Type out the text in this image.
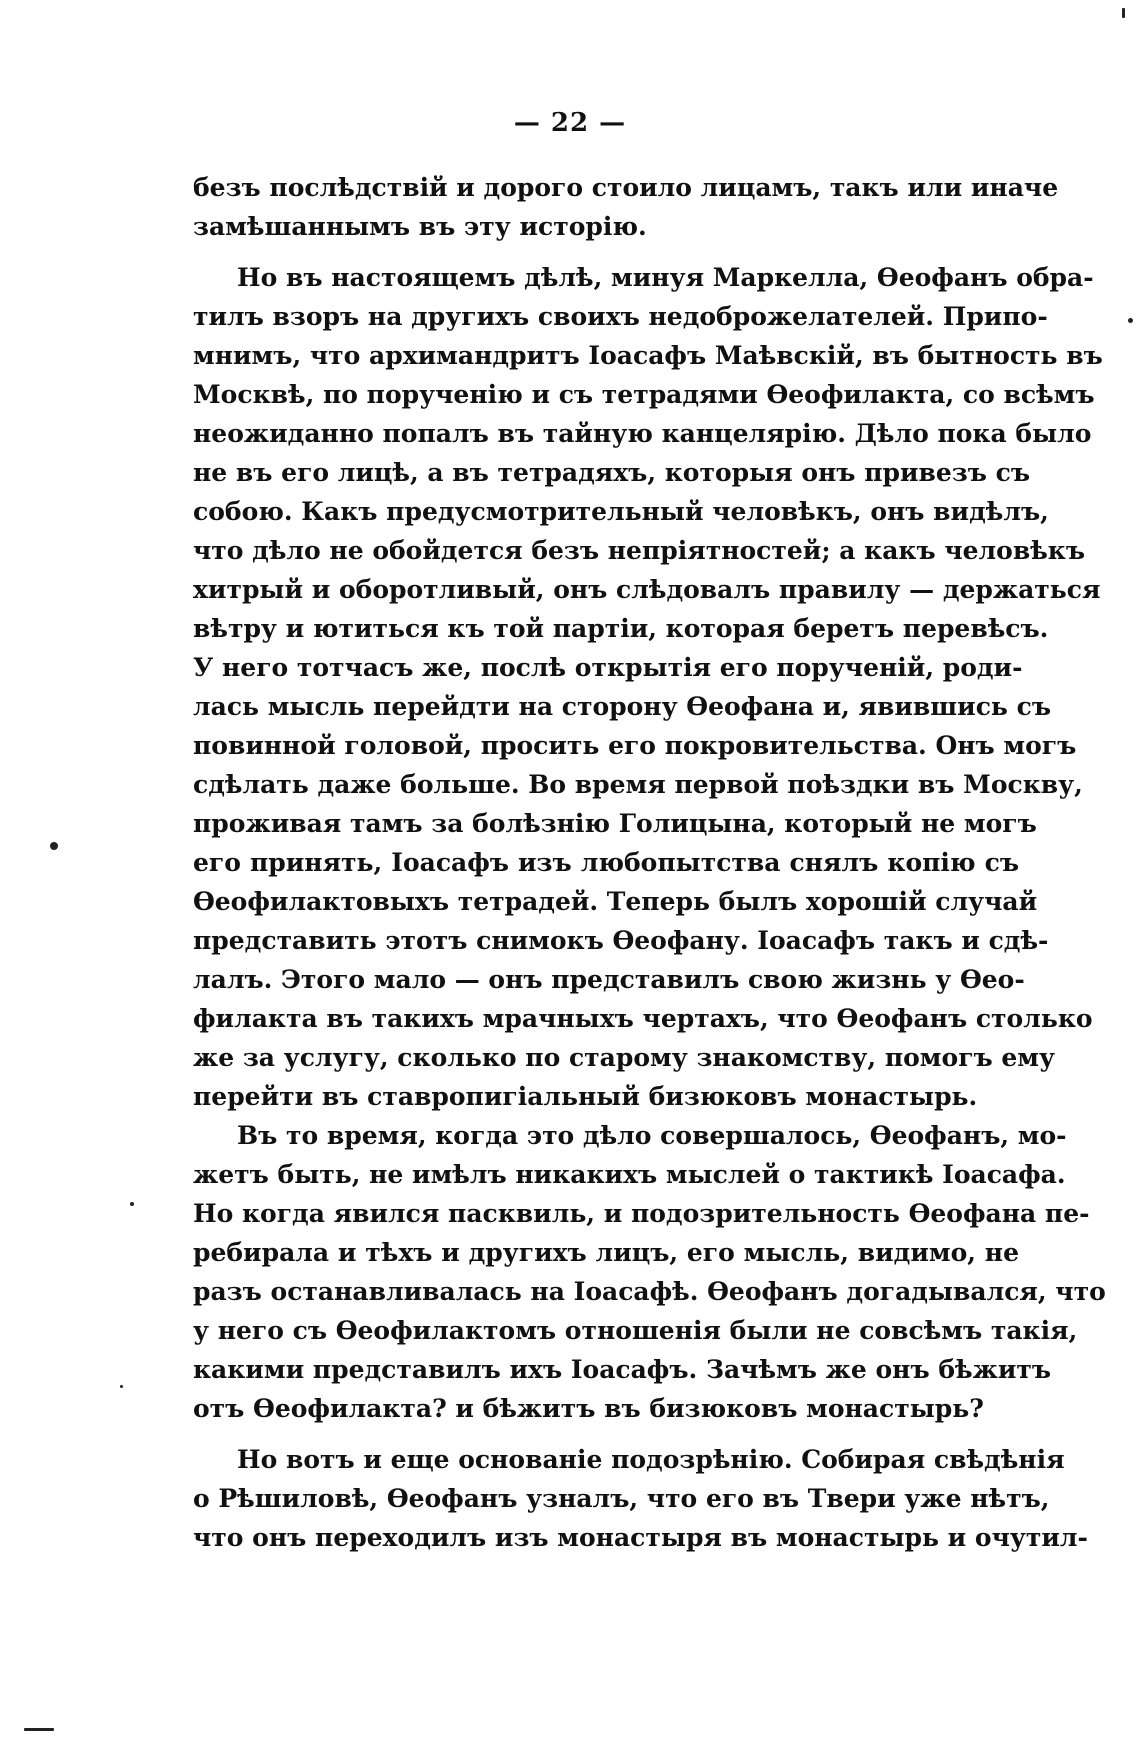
— 22 —
безъ послѣдствій и дорого стоило лицамъ, такъ или иначе
замѣшаннымъ въ эту исторію.
Но въ настоящемъ дѣлѣ, минуя Маркелла, Өеофанъ обра-
тилъ взоръ на другихъ своихъ недоброжелателей. Припо-
мнимъ, что архимандритъ Іоасафъ Маѣвскій, въ бытность въ
Москвѣ, по порученію и съ тетрадями Өеофилакта, со всѣмъ
неожиданно попалъ въ тайную канцелярію. Дѣло пока было
не въ его лицѣ, а въ тетрадяхъ, которыя онъ привезъ съ
собою. Какъ предусмотрительный человѣкъ, онъ видѣлъ,
что дѣло не обойдется безъ непріятностей; а какъ человѣкъ
хитрый и оборотливый, онъ слѣдовалъ правилу — держаться
вѣтру и ютиться къ той партіи, которая беретъ перевѣсъ.
У него тотчасъ же, послѣ открытія его порученій, роди-
лась мысль перейдти на сторону Өеофана и, явившись съ
повинной головой, просить его покровительства. Онъ могъ
сдѣлать даже больше. Во время первой поѣздки въ Москву,
проживая тамъ за болѣзнію Голицына, который не могъ
его принять, Іоасафъ изъ любопытства снялъ копію съ
Өеофилактовыхъ тетрадей. Теперь былъ хорошій случай
представить этотъ снимокъ Өеофану. Іоасафъ такъ и сдѣ-
лалъ. Этого мало — онъ представилъ свою жизнь у Өео-
филакта въ такихъ мрачныхъ чертахъ, что Өеофанъ столько
же за услугу, сколько по старому знакомству, помогъ ему
перейти въ ставропигіальный бизюковъ монастырь.
Въ то время, когда это дѣло совершалось, Өеофанъ, мо-
жетъ быть, не имѣлъ никакихъ мыслей о тактикѣ Іоасафа.
Но когда явился пасквиль, и подозрительность Өеофана пе-
ребирала и тѣхъ и другихъ лицъ, его мысль, видимо, не
разъ останавливалась на Іоасафѣ. Өеофанъ догадывался, что
у него съ Өеофилактомъ отношенія были не совсѣмъ такія,
какими представилъ ихъ Іоасафъ. Зачѣмъ же онъ бѣжитъ
отъ Өеофилакта? и бѣжитъ въ бизюковъ монастырь?
Но вотъ и еще основаніе подозрѣнію. Собирая свѣдѣнія
о Рѣшиловѣ, Өеофанъ узналъ, что его въ Твери уже нѣтъ,
что онъ переходилъ изъ монастыря въ монастырь и очутил-
